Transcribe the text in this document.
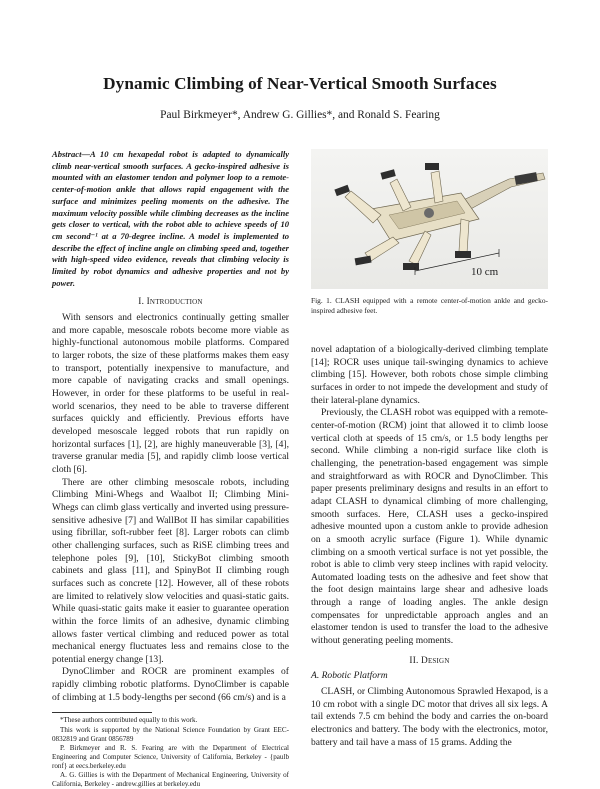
Dynamic Climbing of Near-Vertical Smooth Surfaces
Paul Birkmeyer*, Andrew G. Gillies*, and Ronald S. Fearing

Abstract—A 10 cm hexapedal robot is adapted to dynamically climb near-vertical smooth surfaces. A gecko-inspired adhesive is mounted with an elastomer tendon and polymer loop to a remote-center-of-motion ankle that allows rapid engagement with the surface and minimizes peeling moments on the adhesive. The maximum velocity possible while climbing decreases as the incline gets closer to vertical, with the robot able to achieve speeds of 10 cm second⁻¹ at a 70-degree incline. A model is implemented to describe the effect of incline angle on climbing speed and, together with high-speed video evidence, reveals that climbing velocity is limited by robot dynamics and adhesive properties and not by power.

I. Introduction

With sensors and electronics continually getting smaller and more capable, mesoscale robots become more viable as highly-functional autonomous mobile platforms. Compared to larger robots, the size of these platforms makes them easy to transport, potentially inexpensive to manufacture, and more capable of navigating cracks and small openings. However, in order for these platforms to be useful in real-world scenarios, they need to be able to traverse different surfaces quickly and efficiently. Previous efforts have developed mesoscale legged robots that run rapidly on horizontal surfaces [1], [2], are highly maneuverable [3], [4], traverse granular media [5], and rapidly climb loose vertical cloth [6].

There are other climbing mesoscale robots, including Climbing Mini-Whegs and Waalbot II; Climbing Mini-Whegs can climb glass vertically and inverted using pressure-sensitive adhesive [7] and WallBot II has similar capabilities using fibrillar, soft-rubber feet [8]. Larger robots can climb other challenging surfaces, such as RiSE climbing trees and telephone poles [9], [10], StickyBot climbing smooth cabinets and glass [11], and SpinyBot II climbing rough surfaces such as concrete [12]. However, all of these robots are limited to relatively slow velocities and quasi-static gaits. While quasi-static gaits make it easier to guarantee operation within the force limits of an adhesive, dynamic climbing allows faster vertical climbing and reduced power as total mechanical energy fluctuates less and remains close to the potential energy change [13].

DynoClimber and ROCR are prominent examples of rapidly climbing robotic platforms. DynoClimber is capable of climbing at 1.5 body-lengths per second (66 cm/s) and is a

*These authors contributed equally to this work.

This work is supported by the National Science Foundation by Grant EEC-0832819 and Grant 0856789

P. Birkmeyer and R. S. Fearing are with the Department of Electrical Engineering and Computer Science, University of California, Berkeley - {paulb ronf} at eecs.berkeley.edu

A. G. Gillies is with the Department of Mechanical Engineering, University of California, Berkeley - andrew.gillies at berkeley.edu

10 cm
Fig. 1. CLASH equipped with a remote center-of-motion ankle and gecko-inspired adhesive feet.

novel adaptation of a biologically-derived climbing template [14]; ROCR uses unique tail-swinging dynamics to achieve climbing [15]. However, both robots chose simple climbing surfaces in order to not impede the development and study of their lateral-plane dynamics.

Previously, the CLASH robot was equipped with a remote-center-of-motion (RCM) joint that allowed it to climb loose vertical cloth at speeds of 15 cm/s, or 1.5 body lengths per second. While climbing a non-rigid surface like cloth is challenging, the penetration-based engagement was simple and straightforward as with ROCR and DynoClimber. This paper presents preliminary designs and results in an effort to adapt CLASH to dynamical climbing of more challenging, smooth surfaces. Here, CLASH uses a gecko-inspired adhesive mounted upon a custom ankle to provide adhesion on a smooth acrylic surface (Figure 1). While dynamic climbing on a smooth vertical surface is not yet possible, the robot is able to climb very steep inclines with rapid velocity. Automated loading tests on the adhesive and feet show that the foot design maintains large shear and adhesive loads through a range of loading angles. The ankle design compensates for unpredictable approach angles and an elastomer tendon is used to transfer the load to the adhesive without generating peeling moments.

II. Design
A. Robotic Platform

CLASH, or Climbing Autonomous Sprawled Hexapod, is a 10 cm robot with a single DC motor that drives all six legs. A tail extends 7.5 cm behind the body and carries the on-board electronics and battery. The body with the electronics, motor, battery and tail have a mass of 15 grams. Adding the
